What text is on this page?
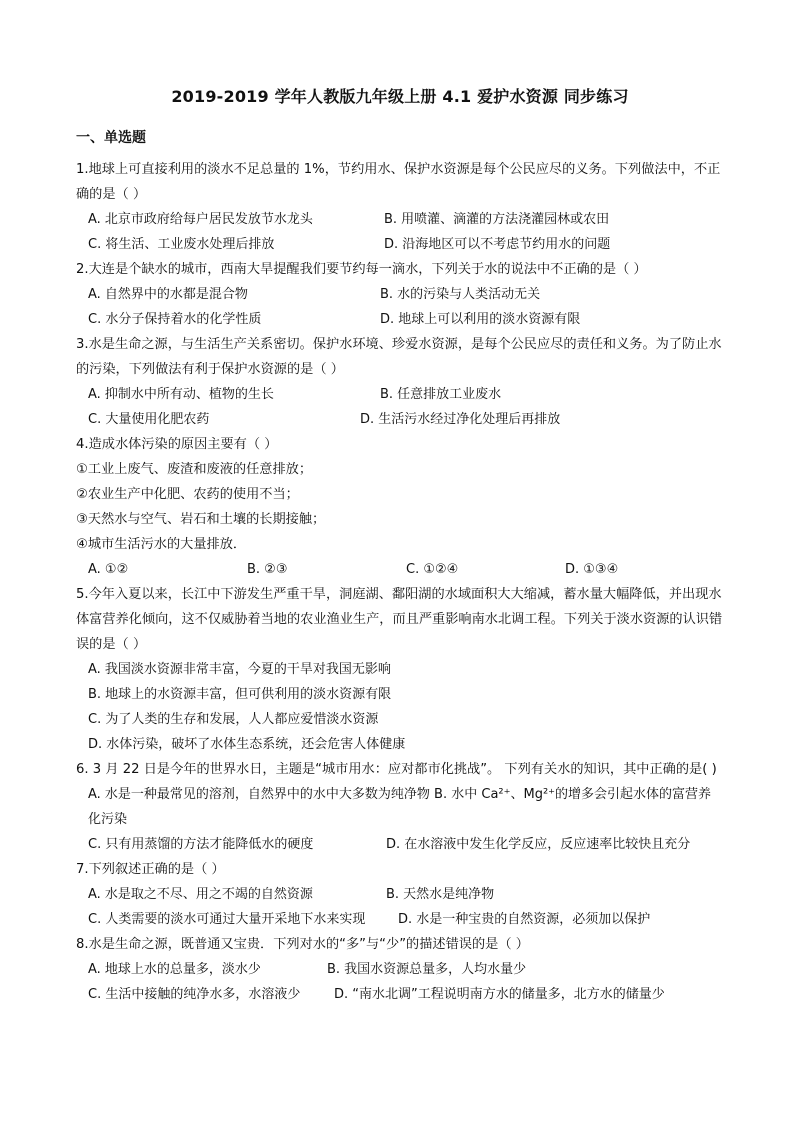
2019-2019 学年人教版九年级上册 4.1 爱护水资源 同步练习
一、单选题
1.地球上可直接利用的淡水不足总量的 1%，节约用水、保护水资源是每个公民应尽的义务。下列做法中，不正确的是（ ）
A. 北京市政府给每户居民发放节水龙头	B. 用喷灌、滴灌的方法浇灌园林或农田
C. 将生活、工业废水处理后排放	D. 沿海地区可以不考虑节约用水的问题
2.大连是个缺水的城市，西南大旱提醒我们要节约每一滴水，下列关于水的说法中不正确的是（ ）
A. 自然界中的水都是混合物	B. 水的污染与人类活动无关
C. 水分子保持着水的化学性质	D. 地球上可以利用的淡水资源有限
3.水是生命之源，与生活生产关系密切。保护水环境、珍爱水资源，是每个公民应尽的责任和义务。为了防止水的污染，下列做法有利于保护水资源的是（ ）
A. 抑制水中所有动、植物的生长	B. 任意排放工业废水
C. 大量使用化肥农药	D. 生活污水经过净化处理后再排放
4.造成水体污染的原因主要有（ ）
①工业上废气、废渣和废液的任意排放；
②农业生产中化肥、农药的使用不当；
③天然水与空气、岩石和土壤的长期接触；
④城市生活污水的大量排放．
A. ①②	B. ②③	C. ①②④	D. ①③④
5.今年入夏以来，长江中下游发生严重干旱，洞庭湖、鄱阳湖的水域面积大大缩减，蓄水量大幅降低，并出现水体富营养化倾向，这不仅威胁着当地的农业渔业生产，而且严重影响南水北调工程。下列关于淡水资源的认识错误的是（ ）
A. 我国淡水资源非常丰富，今夏的干旱对我国无影响
B. 地球上的水资源丰富，但可供利用的淡水资源有限
C. 为了人类的生存和发展，人人都应爱惜淡水资源
D. 水体污染，破坏了水体生态系统，还会危害人体健康
6. 3 月 22 日是今年的世界水日，主题是“城市用水：应对都市化挑战”。 下列有关水的知识，其中正确的是( )
A. 水是一种最常见的溶剂，自然界中的水中大多数为纯净物 B. 水中 Ca²⁺、Mg²⁺的增多会引起水体的富营养化污染
C. 只有用蒸馏的方法才能降低水的硬度	D. 在水溶液中发生化学反应，反应速率比较快且充分
7.下列叙述正确的是（ ）
A. 水是取之不尽、用之不竭的自然资源	B. 天然水是纯净物
C. 人类需要的淡水可通过大量开采地下水来实现	D. 水是一种宝贵的自然资源，必须加以保护
8.水是生命之源，既普通又宝贵．下列对水的“多”与“少”的描述错误的是（ ）
A. 地球上水的总量多，淡水少	B. 我国水资源总量多，人均水量少
C. 生活中接触的纯净水多，水溶液少	D. “南水北调”工程说明南方水的储量多，北方水的储量少
